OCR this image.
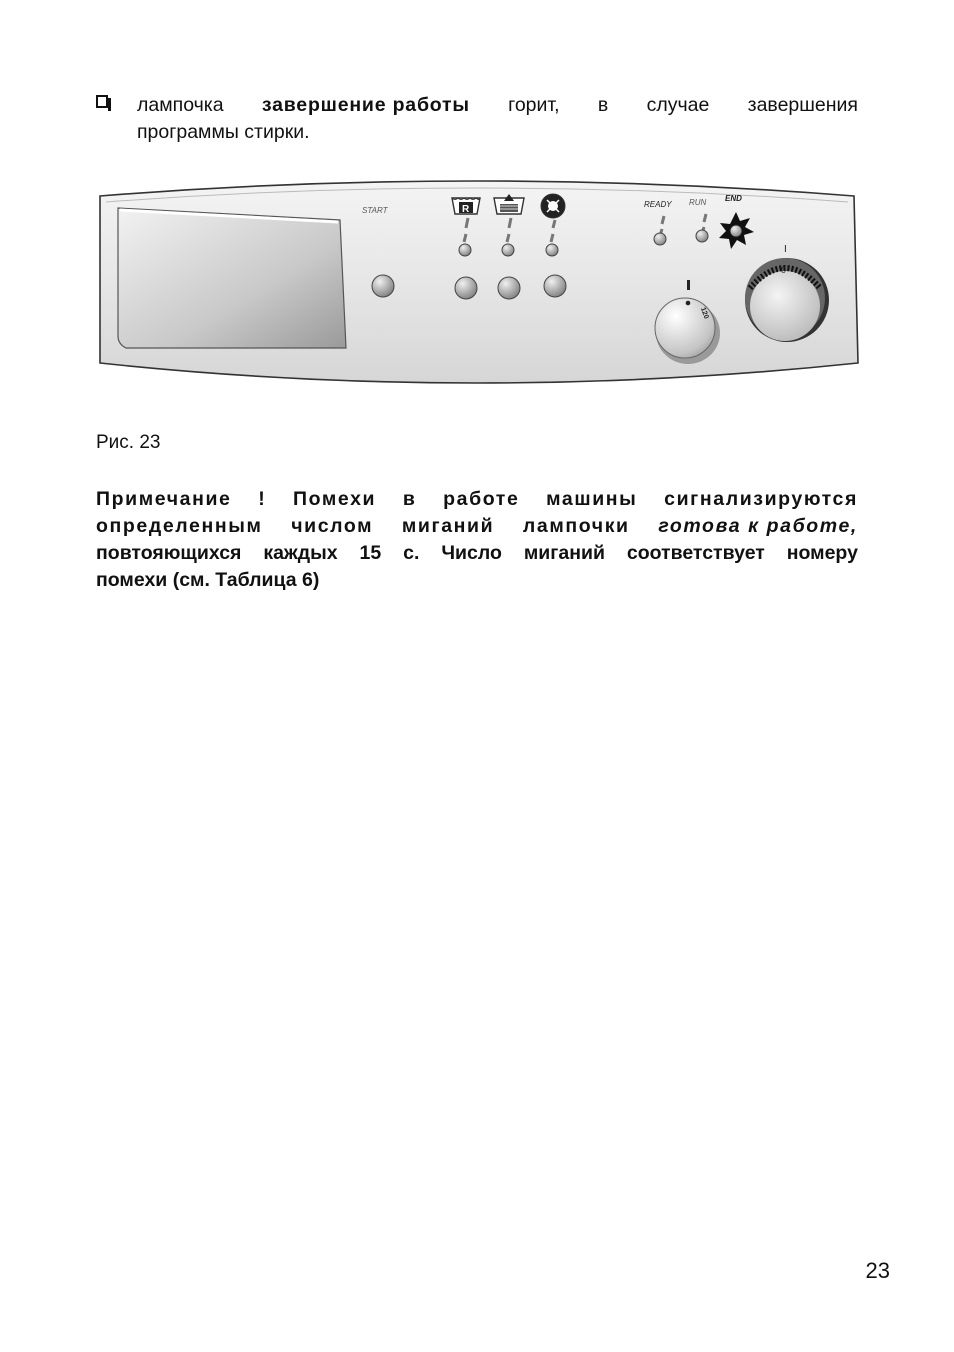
лампочка завершение работы горит, в случае завершения
программы стирки.
START	R	READY RUN END
120
I
0
Рис. 23
Примечание ! Помехи в работе машины сигнализируются
определенным числом миганий лампочки готова к работе,
повтояющихся каждых 15 с. Число миганий соответствует номеру
помехи (см. Таблица 6)
23
